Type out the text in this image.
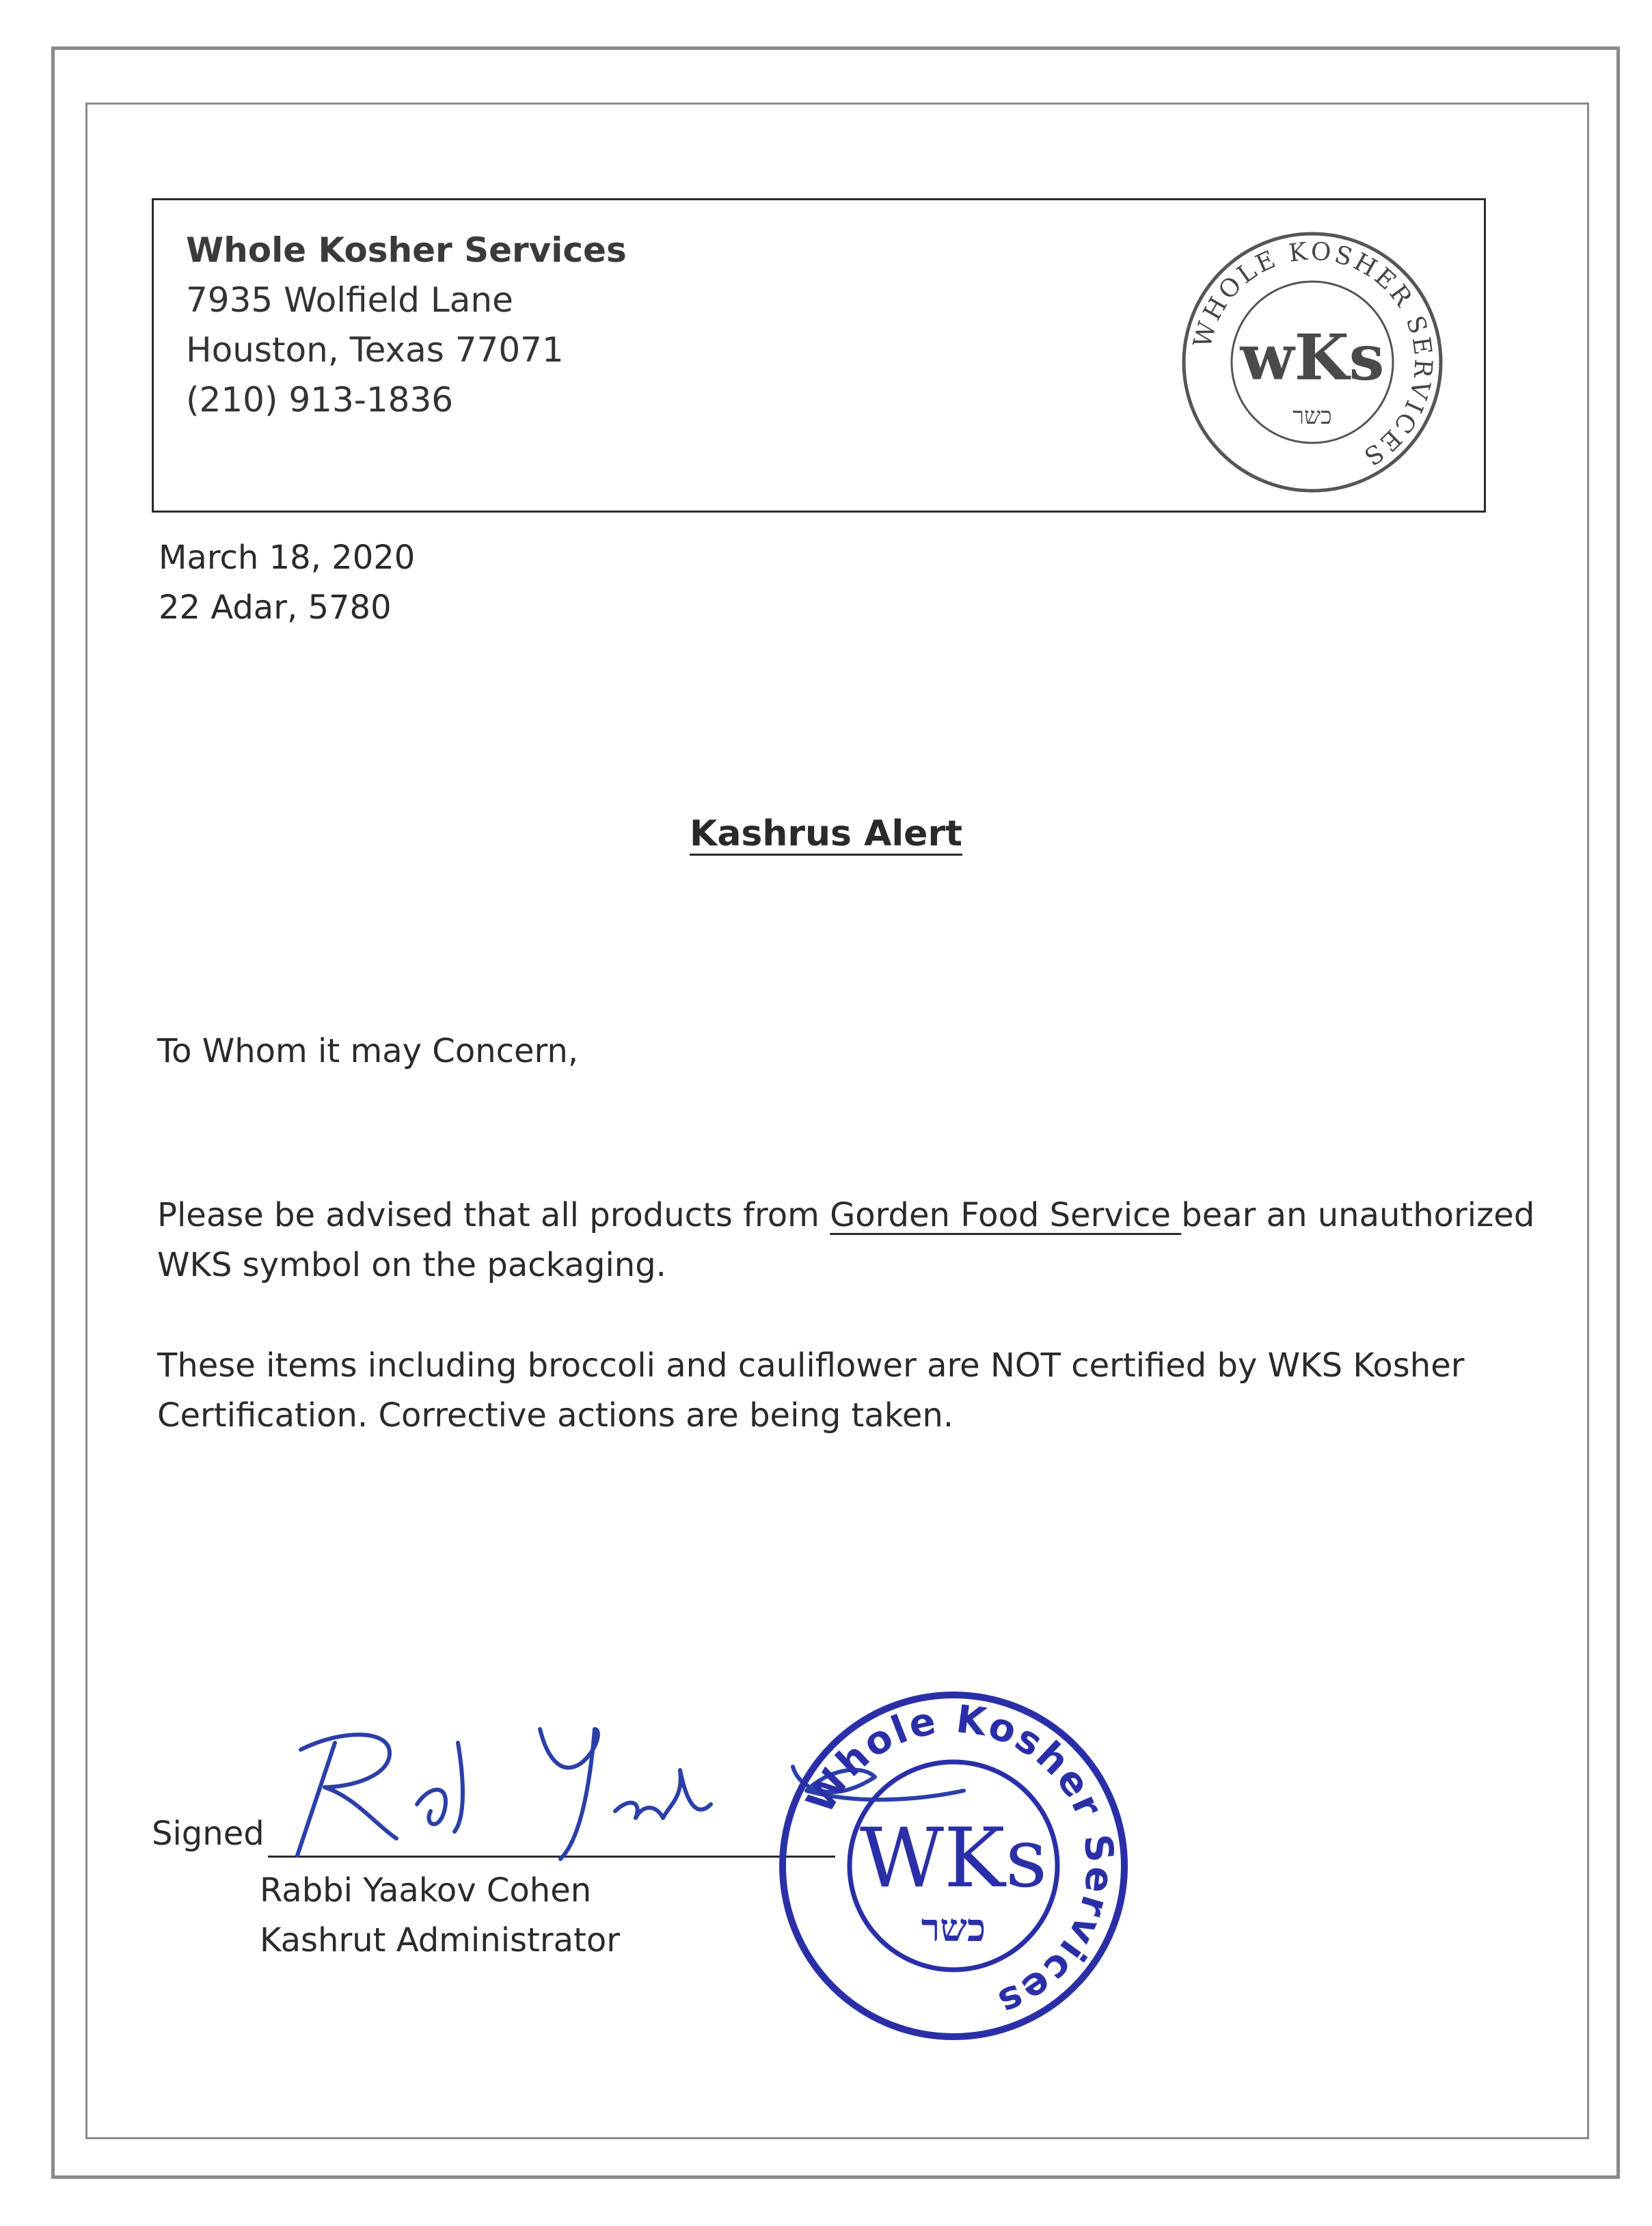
Whole Kosher Services
7935 Wolfield Lane
Houston, Texas 77071
(210) 913-1836
WHOLE KOSHER SERVICES
wKs
כשר
March 18, 2020
22 Adar, 5780
Kashrus Alert
To Whom it may Concern,
Please be advised that all products from Gorden Food Service bear an unauthorized
WKS symbol on the packaging.
These items including broccoli and cauliflower are NOT certified by WKS Kosher
Certification. Corrective actions are being taken.
Signed
Rabbi Yaakov Cohen
Kashrut Administrator
Whole Kosher Services
WKs
כשר
